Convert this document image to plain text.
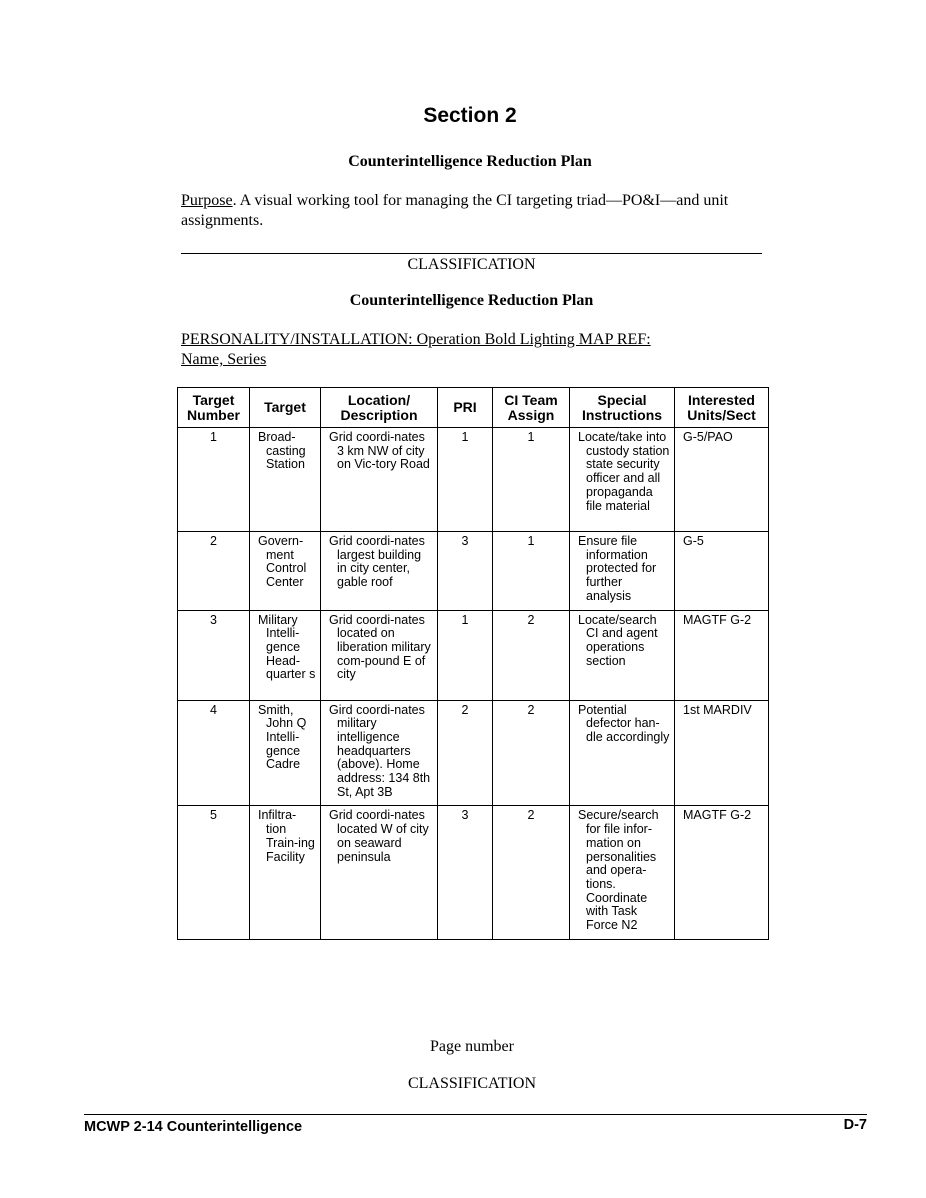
Section 2
Counterintelligence Reduction Plan
Purpose. A visual working tool for managing the CI targeting triad—PO&I—and unit assignments.
CLASSIFICATION
Counterintelligence Reduction Plan
PERSONALITY/INSTALLATION: Operation Bold Lighting MAP REF:
Name, Series
Target Number	Target	Location/ Description	PRI	CI Team Assign	Special Instructions	Interested Units/Sect
1	Broad-casting Station	Grid coordi-nates 3 km NW of city on Vic-tory Road	1	1	Locate/take into custody station state security officer and all propaganda file material	G-5/PAO
2	Govern-ment Control Center	Grid coordi-nates largest building in city center, gable roof	3	1	Ensure file information protected for further analysis	G-5
3	Military Intelli-gence Head-quarter s	Grid coordi-nates located on liberation military com-pound E of city	1	2	Locate/search CI and agent operations section	MAGTF G-2
4	Smith, John Q Intelli-gence Cadre	Gird coordi-nates military intelligence headquarters (above). Home address: 134 8th St, Apt 3B	2	2	Potential defector han-dle accordingly	1st MARDIV
5	Infiltra-tion Train-ing Facility	Grid coordi-nates located W of city on seaward peninsula	3	2	Secure/search for file infor-mation on personalities and opera-tions. Coordinate with Task Force N2	MAGTF G-2
Page number
CLASSIFICATION
MCWP 2-14 Counterintelligence	D-7
